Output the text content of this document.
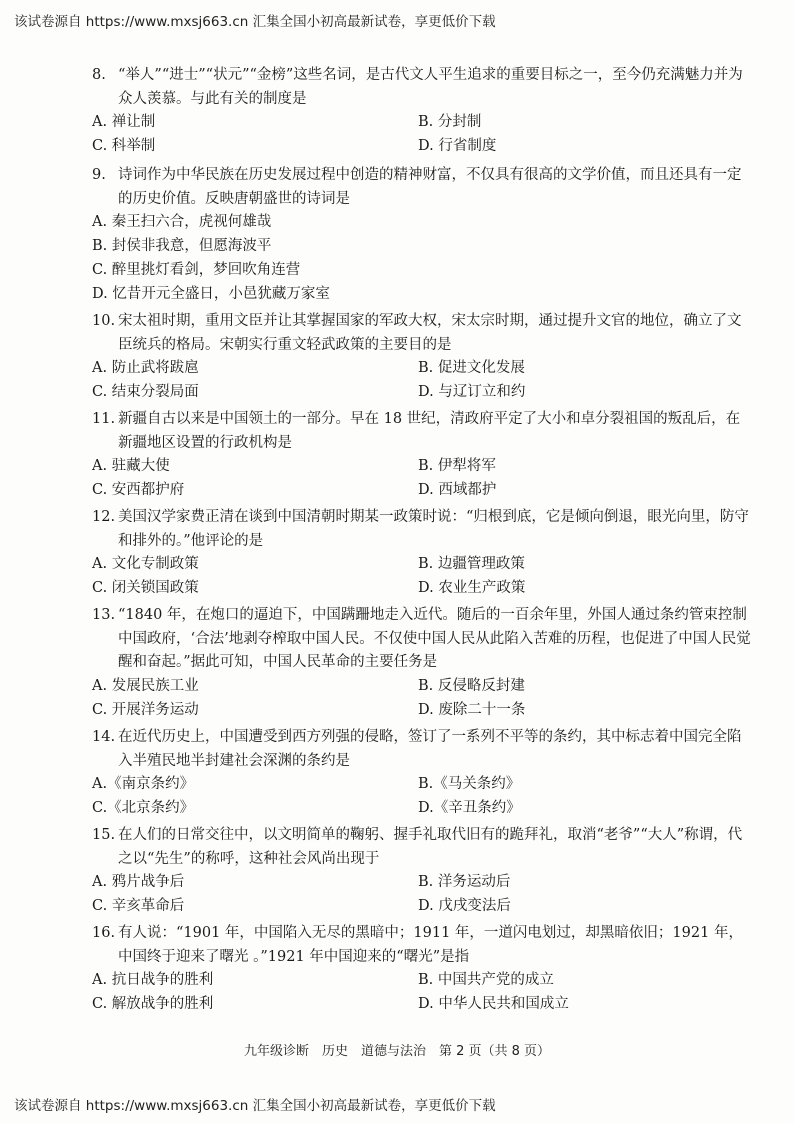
该试卷源自 https://www.mxsj663.cn 汇集全国小初高最新试卷，享更低价下载

8. “举人”“进士”“状元”“金榜”这些名词，是古代文人平生追求的重要目标之一，至今仍充满魅力并为众人羡慕。与此有关的制度是

A. 禅让制	B. 分封制
C. 科举制	D. 行省制度

9. 诗词作为中华民族在历史发展过程中创造的精神财富，不仅具有很高的文学价值，而且还具有一定的历史价值。反映唐朝盛世的诗词是

A. 秦王扫六合，虎视何雄哉
B. 封侯非我意，但愿海波平
C. 醉里挑灯看剑，梦回吹角连营
D. 忆昔开元全盛日，小邑犹藏万家室

10. 宋太祖时期，重用文臣并让其掌握国家的军政大权，宋太宗时期，通过提升文官的地位，确立了文臣统兵的格局。宋朝实行重文轻武政策的主要目的是

A. 防止武将跋扈	B. 促进文化发展
C. 结束分裂局面	D. 与辽订立和约

11. 新疆自古以来是中国领土的一部分。早在 18 世纪，清政府平定了大小和卓分裂祖国的叛乱后，在新疆地区设置的行政机构是

A. 驻藏大使	B. 伊犁将军
C. 安西都护府	D. 西域都护

12. 美国汉学家费正清在谈到中国清朝时期某一政策时说：“归根到底，它是倾向倒退，眼光向里，防守和排外的。”他评论的是

A. 文化专制政策	B. 边疆管理政策
C. 闭关锁国政策	D. 农业生产政策

13. “1840 年，在炮口的逼迫下，中国蹒跚地走入近代。随后的一百余年里，外国人通过条约管束控制中国政府，‘合法’地剥夺榨取中国人民。不仅使中国人民从此陷入苦难的历程，也促进了中国人民觉醒和奋起。”据此可知，中国人民革命的主要任务是

A. 发展民族工业	B. 反侵略反封建
C. 开展洋务运动	D. 废除二十一条

14. 在近代历史上，中国遭受到西方列强的侵略，签订了一系列不平等的条约，其中标志着中国完全陷入半殖民地半封建社会深渊的条约是

A.《南京条约》	B.《马关条约》
C.《北京条约》	D.《辛丑条约》

15. 在人们的日常交往中，以文明简单的鞠躬、握手礼取代旧有的跪拜礼，取消“老爷”“大人”称谓，代之以“先生”的称呼，这种社会风尚出现于

A. 鸦片战争后	B. 洋务运动后
C. 辛亥革命后	D. 戊戌变法后

16. 有人说：“1901 年，中国陷入无尽的黑暗中；1911 年，一道闪电划过，却黑暗依旧；1921 年，中国终于迎来了曙光 。”1921 年中国迎来的“曙光”是指

A. 抗日战争的胜利	B. 中国共产党的成立
C. 解放战争的胜利	D. 中华人民共和国成立
九年级诊断　历史　道德与法治　第 2 页（共 8 页）
该试卷源自 https://www.mxsj663.cn 汇集全国小初高最新试卷，享更低价下载
